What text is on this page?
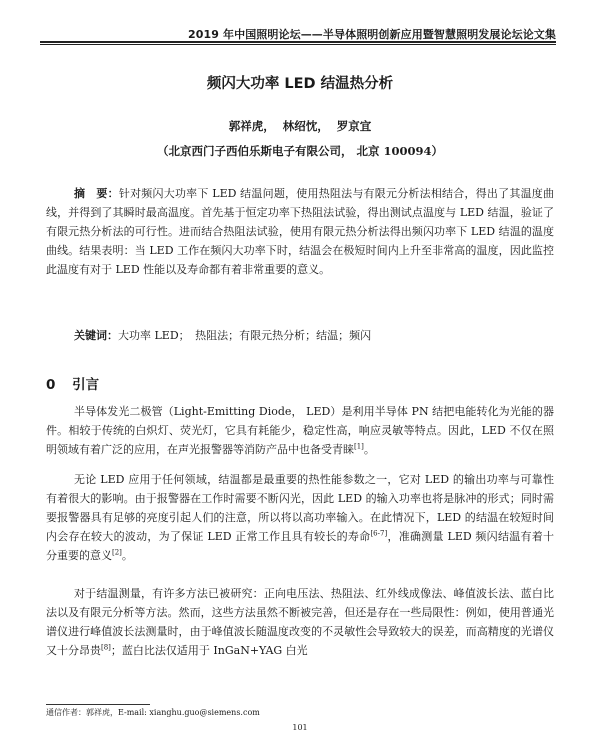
2019 年中国照明论坛——半导体照明创新应用暨智慧照明发展论坛论文集
频闪大功率 LED 结温热分析
郭祥虎， 林绍忱， 罗京宜
（北京西门子西伯乐斯电子有限公司， 北京 100094）

摘　要：针对频闪大功率下 LED 结温问题，使用热阻法与有限元分析法相结合，得出了其温度曲线，并得到了其瞬时最高温度。首先基于恒定功率下热阻法试验，得出测试点温度与 LED 结温，验证了有限元热分析法的可行性。进而结合热阻法试验，使用有限元热分析法得出频闪功率下 LED 结温的温度曲线。结果表明：当 LED 工作在频闪大功率下时，结温会在极短时间内上升至非常高的温度，因此监控此温度有对于 LED 性能以及寿命都有着非常重要的意义。

关键词：大功率 LED；　热阻法；有限元热分析；结温；频闪

0 引言

半导体发光二极管（Light-Emitting Diode， LED）是利用半导体 PN 结把电能转化为光能的器件。相较于传统的白炽灯、荧光灯，它具有耗能少，稳定性高，响应灵敏等特点。因此，LED 不仅在照明领域有着广泛的应用，在声光报警器等消防产品中也备受青睐[1]。

无论 LED 应用于任何领域，结温都是最重要的热性能参数之一，它对 LED 的输出功率与可靠性有着很大的影响。由于报警器在工作时需要不断闪光，因此 LED 的输入功率也将是脉冲的形式；同时需要报警器具有足够的亮度引起人们的注意，所以将以高功率输入。在此情况下，LED 的结温在较短时间内会存在较大的波动，为了保证 LED 正常工作且具有较长的寿命[6-7]，准确测量 LED 频闪结温有着十分重要的意义[2]。

对于结温测量，有许多方法已被研究：正向电压法、热阻法、红外线成像法、峰值波长法、蓝白比法以及有限元分析等方法。然而，这些方法虽然不断被完善，但还是存在一些局限性：例如，使用普通光谱仪进行峰值波长法测量时，由于峰值波长随温度改变的不灵敏性会导致较大的误差，而高精度的光谱仪又十分昂贵[8]；蓝白比法仅适用于 InGaN+YAG 白光

通信作者：郭祥虎，E-mail: xianghu.guo@siemens.com
101
